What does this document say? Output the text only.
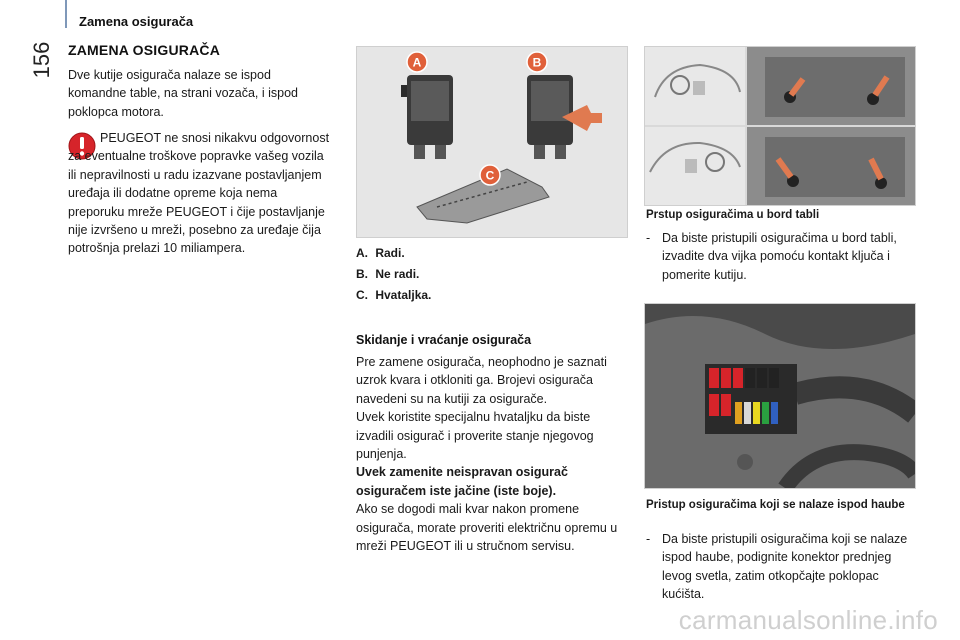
Zamena osigurača
156	ZAMENA OSIGURAČA
Dve kutije osigurača nalaze se ispod komandne table, na strani vozača, i ispod poklopca motora.
PEUGEOT ne snosi nikakvu odgovornost za eventualne troškove popravke vašeg vozila ili nepravilnosti u radu izazvane postavljanjem uređaja ili dodatne opreme koja nema preporuku mreže PEUGEOT i čije postavljanje nije izvršeno u mreži, posebno za uređaje čija potrošnja prelazi 10 miliampera.
A	B
C
A. Radi.
B. Ne radi.
C. Hvataljka.
Skidanje i vraćanje osigurača
Pre zamene osigurača, neophodno je saznati uzrok kvara i otkloniti ga. Brojevi osigurača navedeni su na kutiji za osigurače.
Uvek koristite specijalnu hvataljku da biste izvadili osigurač i proverite stanje njegovog punjenja.
Uvek zamenite neispravan osigurač osiguračem iste jačine (iste boje).
Ako se dogodi mali kvar nakon promene osigurača, morate proveriti električnu opremu u mreži PEUGEOT ili u stručnom servisu.
Prstup osiguračima u bord tabli
- Da biste pristupili osiguračima u bord tabli, izvadite dva vijka pomoću kontakt ključa i pomerite kutiju.
Pristup osiguračima koji se nalaze ispod haube
- Da biste pristupili osiguračima koji se nalaze ispod haube, podignite konektor prednjeg levog svetla, zatim otkopčajte poklopac kućišta.
carmanualsonline.info
